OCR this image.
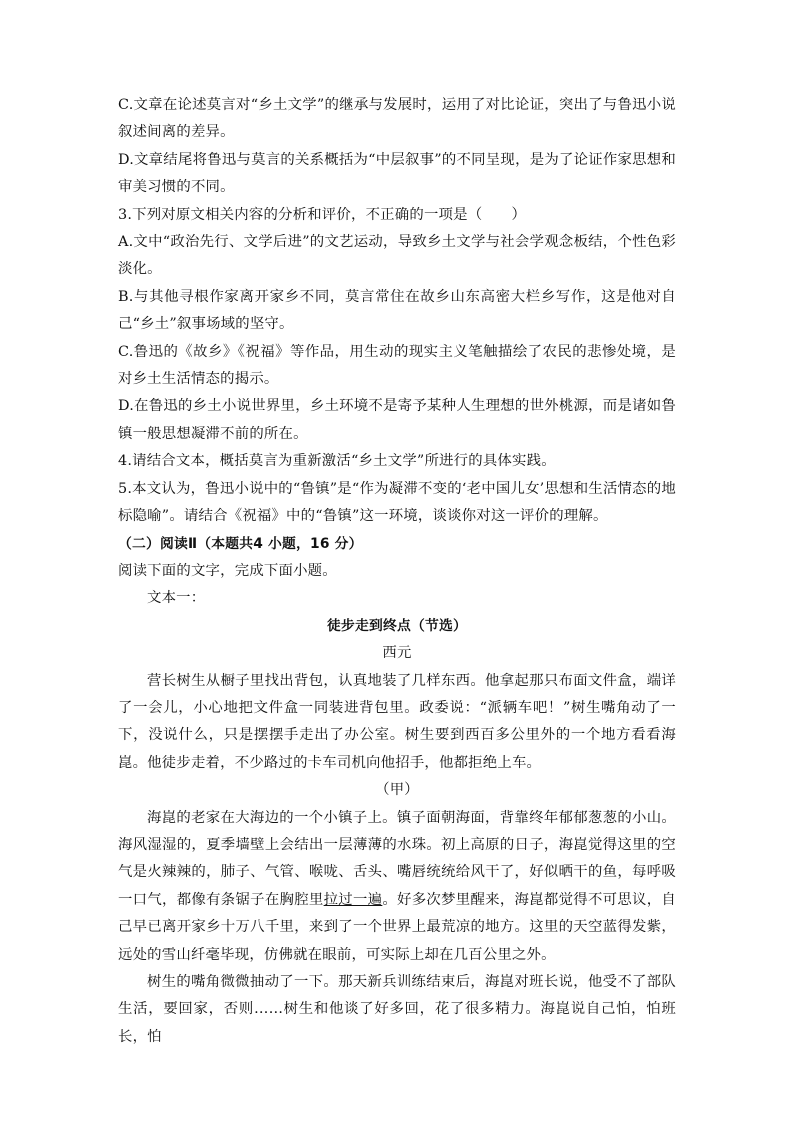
C.文章在论述莫言对“乡土文学”的继承与发展时，运用了对比论证，突出了与鲁迅小说叙述间离的差异。

D.文章结尾将鲁迅与莫言的关系概括为“中层叙事”的不同呈现，是为了论证作家思想和审美习惯的不同。

3.下列对原文相关内容的分析和评价，不正确的一项是（　　）

A.文中“政治先行、文学后进”的文艺运动，导致乡土文学与社会学观念板结，个性色彩淡化。

B.与其他寻根作家离开家乡不同，莫言常住在故乡山东高密大栏乡写作，这是他对自己“乡土”叙事场域的坚守。

C.鲁迅的《故乡》《祝福》等作品，用生动的现实主义笔触描绘了农民的悲惨处境，是对乡土生活情态的揭示。

D.在鲁迅的乡土小说世界里，乡土环境不是寄予某种人生理想的世外桃源，而是诸如鲁镇一般思想凝滞不前的所在。

4.请结合文本，概括莫言为重新激活“乡土文学”所进行的具体实践。

5.本文认为，鲁迅小说中的“鲁镇”是“作为凝滞不变的‘老中国儿女’思想和生活情态的地标隐喻”。请结合《祝福》中的“鲁镇”这一环境，谈谈你对这一评价的理解。

（二）阅读Ⅱ（本题共4 小题，16 分）

阅读下面的文字，完成下面小题。

文本一：

徒步走到终点（节选）

西元

营长树生从橱子里找出背包，认真地装了几样东西。他拿起那只布面文件盒，端详了一会儿，小心地把文件盒一同装进背包里。政委说：“派辆车吧！”树生嘴角动了一下，没说什么，只是摆摆手走出了办公室。树生要到西百多公里外的一个地方看看海崑。他徒步走着，不少路过的卡车司机向他招手，他都拒绝上车。

（甲）

海崑的老家在大海边的一个小镇子上。镇子面朝海面，背靠终年郁郁葱葱的小山。海风湿湿的，夏季墙壁上会结出一层薄薄的水珠。初上高原的日子，海崑觉得这里的空气是火辣辣的，肺子、气管、喉咙、舌头、嘴唇统统给风干了，好似晒干的鱼，每呼吸一口气，都像有条锯子在胸腔里拉过一遍。好多次梦里醒来，海崑都觉得不可思议，自己早已离开家乡十万八千里，来到了一个世界上最荒凉的地方。这里的天空蓝得发紫，远处的雪山纤毫毕现，仿佛就在眼前，可实际上却在几百公里之外。

树生的嘴角微微抽动了一下。那天新兵训练结束后，海崑对班长说，他受不了部队生活，要回家，否则……树生和他谈了好多回，花了很多精力。海崑说自己怕，怕班长，怕
